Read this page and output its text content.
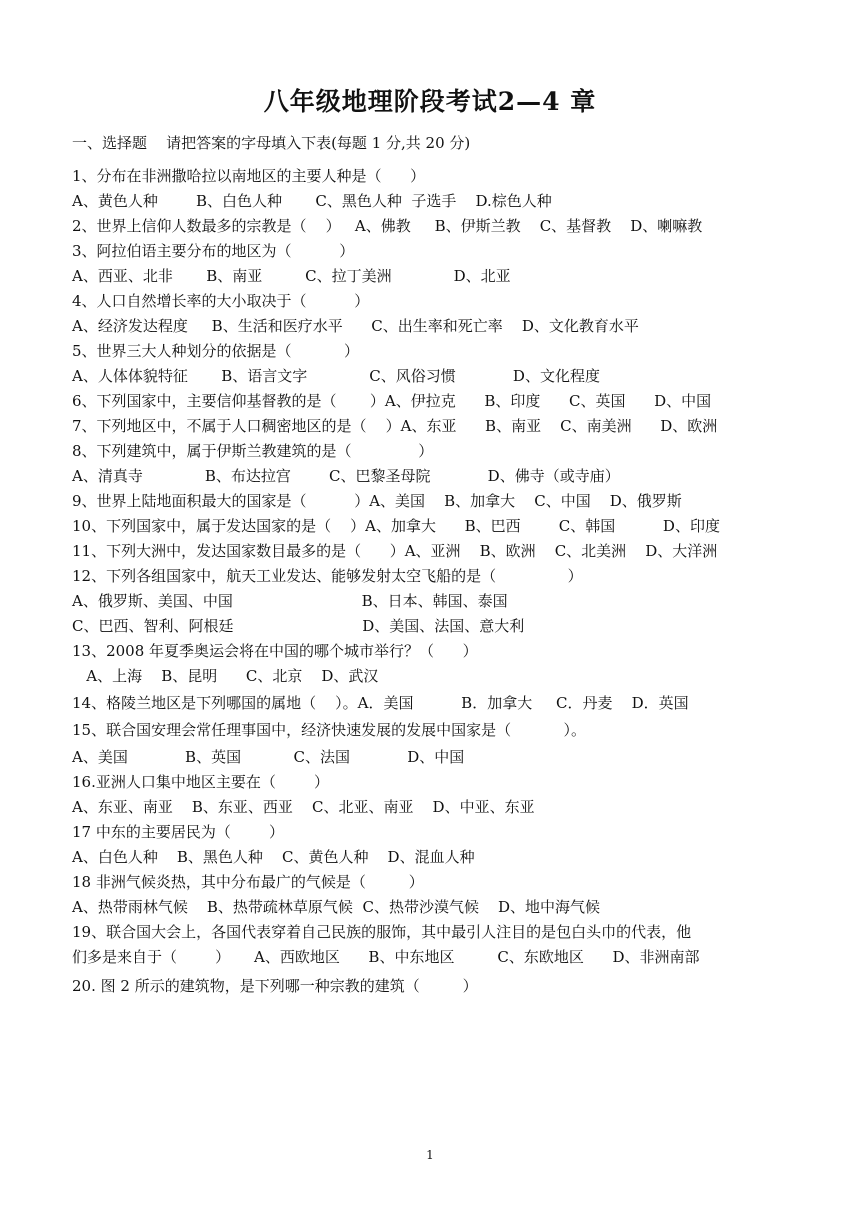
八年级地理阶段考试2—4 章
一、选择题    请把答案的字母填入下表(每题 1 分,共 20 分)
1、分布在非洲撒哈拉以南地区的主要人种是（      ）
A、黄色人种        B、白色人种       C、黑色人种  子选手    D.棕色人种
2、世界上信仰人数最多的宗教是（    ）   A、佛教     B、伊斯兰教    C、基督教    D、喇嘛教
3、阿拉伯语主要分布的地区为（          ）
A、西亚、北非       B、南亚         C、拉丁美洲             D、北亚
4、人口自然增长率的大小取决于（          ）
A、经济发达程度     B、生活和医疗水平      C、出生率和死亡率    D、文化教育水平
5、世界三大人种划分的依据是（           ）
A、人体体貌特征       B、语言文字             C、风俗习惯            D、文化程度
6、下列国家中，主要信仰基督教的是（       ）A、伊拉克      B、印度      C、英国      D、中国
7、下列地区中，不属于人口稠密地区的是（    ）A、东亚      B、南亚    C、南美洲      D、欧洲
8、下列建筑中，属于伊斯兰教建筑的是（              ）
A、清真寺             B、布达拉宫        C、巴黎圣母院            D、佛寺（或寺庙）
9、世界上陆地面积最大的国家是（          ）A、美国    B、加拿大    C、中国    D、俄罗斯
10、下列国家中，属于发达国家的是（    ）A、加拿大      B、巴西        C、韩国          D、印度
11、下列大洲中，发达国家数目最多的是（      ）A、亚洲    B、欧洲    C、北美洲    D、大洋洲
12、下列各组国家中，航天工业发达、能够发射太空飞船的是（               ）
A、俄罗斯、美国、中国                           B、日本、韩国、泰国
C、巴西、智利、阿根廷                           D、美国、法国、意大利
13、2008 年夏季奥运会将在中国的哪个城市举行？（      ）
A、上海    B、昆明      C、北京    D、武汉
14、格陵兰地区是下列哪国的属地（    ）。A．美国          B．加拿大     C．丹麦    D．英国
15、联合国安理会常任理事国中，经济快速发展的发展中国家是（           ）。
A、美国            B、英国           C、法国            D、中国
16.亚洲人口集中地区主要在（        ）
A、东亚、南亚    B、东亚、西亚    C、北亚、南亚    D、中亚、东亚
17 中东的主要居民为（        ）
A、白色人种    B、黑色人种    C、黄色人种    D、混血人种
18 非洲气候炎热，其中分布最广的气候是（         ）
A、热带雨林气候    B、热带疏林草原气候  C、热带沙漠气候    D、地中海气候
19、联合国大会上，各国代表穿着自己民族的服饰，其中最引人注目的是包白头巾的代表，他
们多是来自于（        ）     A、西欧地区      B、中东地区         C、东欧地区      D、非洲南部
20. 图 2 所示的建筑物，是下列哪一种宗教的建筑（         ）
1
